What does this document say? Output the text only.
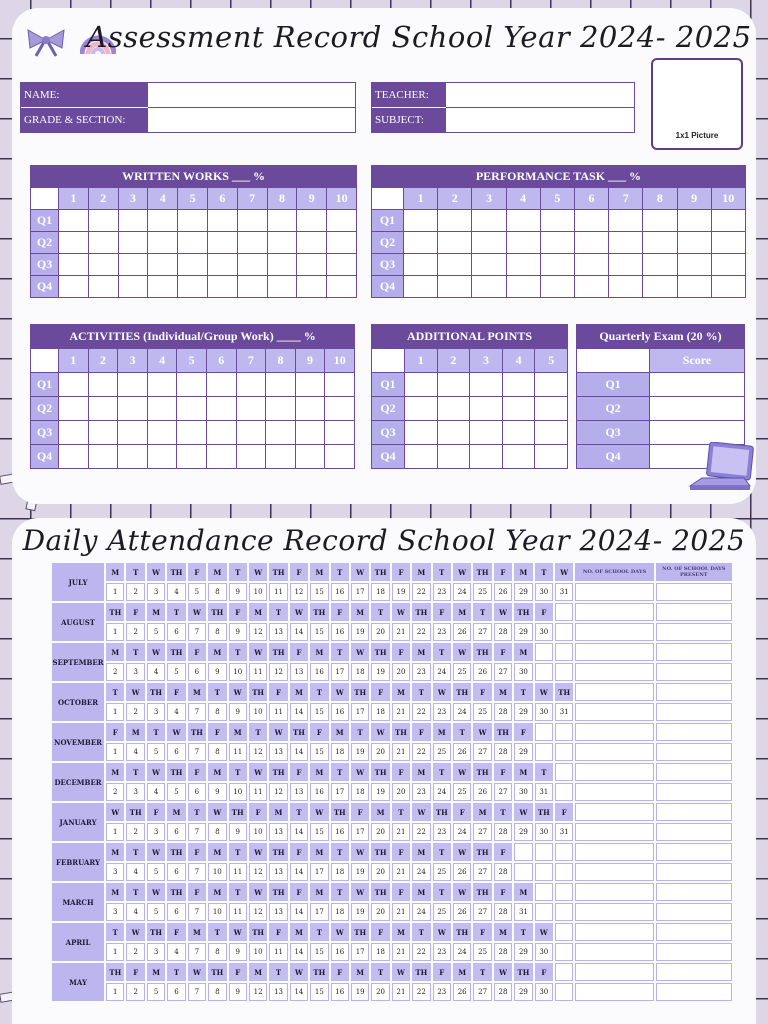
Assessment Record School Year 2024- 2025
NAME:
GRADE & SECTION:
TEACHER:
SUBJECT:
1x1 Picture
WRITTEN WORKS ___ %										
	1	2	3	4	5	6	7	8	9	10
Q1										
Q2										
Q3										
Q4										
PERFORMANCE TASK ___ %										
	1	2	3	4	5	6	7	8	9	10
Q1										
Q2										
Q3										
Q4										
ACTIVITIES (Individual/Group Work) ____ %										
	1	2	3	4	5	6	7	8	9	10
Q1										
Q2										
Q3										
Q4										
ADDITIONAL POINTS					
	1	2	3	4	5
Q1					
Q2					
Q3					
Q4					
Quarterly Exam (20 %)	
	Score
Q1	
Q2	
Q3	
Q4	
Daily Attendance Record School Year 2024- 2025
JULY	M	T	W	TH	F	M	T	W	TH	F	M	T	W	TH	F	M	T	W	TH	F	M	T	W	NO. OF SCHOOL DAYS	NO. OF SCHOOL DAYS PRESENT
	1	2	3	4	5	8	9	10	11	12	15	16	17	18	19	22	23	24	25	26	29	30	31		
AUGUST	TH	F	M	T	W	TH	F	M	T	W	TH	F	M	T	W	TH	F	M	T	W	TH	F			
	1	2	5	6	7	8	9	12	13	14	15	16	19	20	21	22	23	26	27	28	29	30			
SEPTEMBER	M	T	W	TH	F	M	T	W	TH	F	M	T	W	TH	F	M	T	W	TH	F	M				
	2	3	4	5	6	9	10	11	12	13	16	17	18	19	20	23	24	25	26	27	30				
OCTOBER	T	W	TH	F	M	T	W	TH	F	M	T	W	TH	F	M	T	W	TH	F	M	T	W	TH		
	1	2	3	4	7	8	9	10	11	14	15	16	17	18	21	22	23	24	25	28	29	30	31		
NOVEMBER	F	M	T	W	TH	F	M	T	W	TH	F	M	T	W	TH	F	M	T	W	TH	F				
	1	4	5	6	7	8	11	12	13	14	15	18	19	20	21	22	25	26	27	28	29				
DECEMBER	M	T	W	TH	F	M	T	W	TH	F	M	T	W	TH	F	M	T	W	TH	F	M	T			
	2	3	4	5	6	9	10	11	12	13	16	17	18	19	20	23	24	25	26	27	30	31			
JANUARY	W	TH	F	M	T	W	TH	F	M	T	W	TH	F	M	T	W	TH	F	M	T	W	TH	F		
	1	2	3	6	7	8	9	10	13	14	15	16	17	20	21	22	23	24	27	28	29	30	31		
FEBRUARY	M	T	W	TH	F	M	T	W	TH	F	M	T	W	TH	F	M	T	W	TH	F					
	3	4	5	6	7	10	11	12	13	14	17	18	19	20	21	24	25	26	27	28					
MARCH	M	T	W	TH	F	M	T	W	TH	F	M	T	W	TH	F	M	T	W	TH	F	M				
	3	4	5	6	7	10	11	12	13	14	17	18	19	20	21	24	25	26	27	28	31				
APRIL	T	W	TH	F	M	T	W	TH	F	M	T	W	TH	F	M	T	W	TH	F	M	T	W			
	1	2	3	4	7	8	9	10	11	14	15	16	17	18	21	22	23	24	25	28	29	30			
MAY	TH	F	M	T	W	TH	F	M	T	W	TH	F	M	T	W	TH	F	M	T	W	TH	F			
	1	2	5	6	7	8	9	12	13	14	15	16	19	20	21	22	23	26	27	28	29	30			
